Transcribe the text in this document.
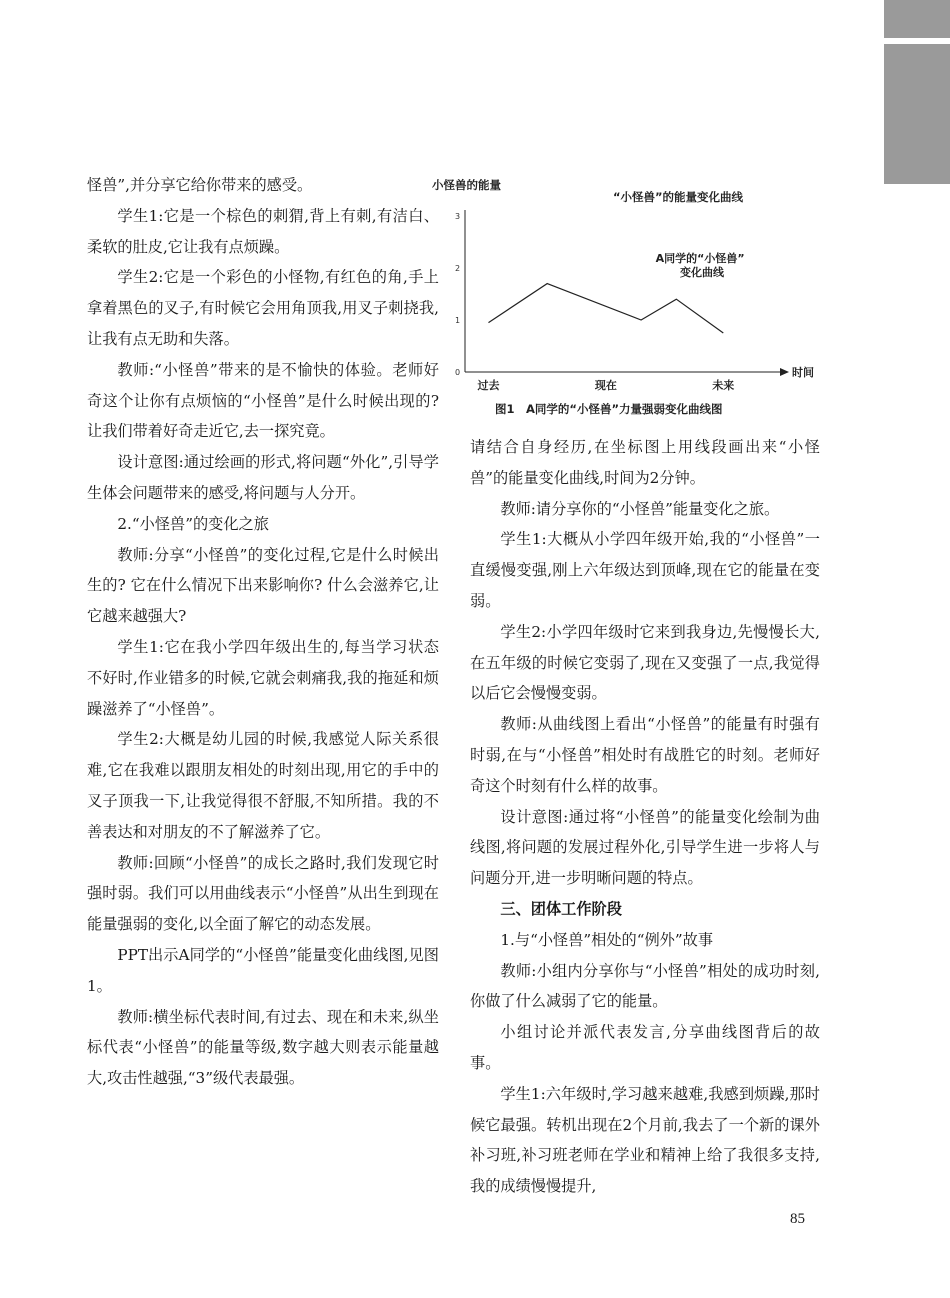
怪兽”,并分享它给你带来的感受。

学生1:它是一个棕色的刺猬,背上有刺,有洁白、柔软的肚皮,它让我有点烦躁。

学生2:它是一个彩色的小怪物,有红色的角,手上拿着黑色的叉子,有时候它会用角顶我,用叉子刺挠我,让我有点无助和失落。

教师:“小怪兽”带来的是不愉快的体验。老师好奇这个让你有点烦恼的“小怪兽”是什么时候出现的? 让我们带着好奇走近它,去一探究竟。

设计意图:通过绘画的形式,将问题“外化”,引导学生体会问题带来的感受,将问题与人分开。

2.“小怪兽”的变化之旅

教师:分享“小怪兽”的变化过程,它是什么时候出生的? 它在什么情况下出来影响你? 什么会滋养它,让它越来越强大?

学生1:它在我小学四年级出生的,每当学习状态不好时,作业错多的时候,它就会刺痛我,我的拖延和烦躁滋养了“小怪兽”。

学生2:大概是幼儿园的时候,我感觉人际关系很难,它在我难以跟朋友相处的时刻出现,用它的手中的叉子顶我一下,让我觉得很不舒服,不知所措。我的不善表达和对朋友的不了解滋养了它。

教师:回顾“小怪兽”的成长之路时,我们发现它时强时弱。我们可以用曲线表示“小怪兽”从出生到现在能量强弱的变化,以全面了解它的动态发展。

PPT出示A同学的“小怪兽”能量变化曲线图,见图1。

教师:横坐标代表时间,有过去、现在和未来,纵坐标代表“小怪兽”的能量等级,数字越大则表示能量越大,攻击性越强,“3”级代表最强。

小怪兽的能量
“小怪兽”的能量变化曲线
A同学的“小怪兽” 变化曲线
时间
0
1
2
3
过去	现在	未来
图1　A同学的“小怪兽”力量强弱变化曲线图

请结合自身经历,在坐标图上用线段画出来“小怪兽”的能量变化曲线,时间为2分钟。

教师:请分享你的“小怪兽”能量变化之旅。

学生1:大概从小学四年级开始,我的“小怪兽”一直缓慢变强,刚上六年级达到顶峰,现在它的能量在变弱。

学生2:小学四年级时它来到我身边,先慢慢长大,在五年级的时候它变弱了,现在又变强了一点,我觉得以后它会慢慢变弱。

教师:从曲线图上看出“小怪兽”的能量有时强有时弱,在与“小怪兽”相处时有战胜它的时刻。老师好奇这个时刻有什么样的故事。

设计意图:通过将“小怪兽”的能量变化绘制为曲线图,将问题的发展过程外化,引导学生进一步将人与问题分开,进一步明晰问题的特点。

三、团体工作阶段

1.与“小怪兽”相处的“例外”故事

教师:小组内分享你与“小怪兽”相处的成功时刻,你做了什么减弱了它的能量。

小组讨论并派代表发言,分享曲线图背后的故事。

学生1:六年级时,学习越来越难,我感到烦躁,那时候它最强。转机出现在2个月前,我去了一个新的课外补习班,补习班老师在学业和精神上给了我很多支持,我的成绩慢慢提升,

85
